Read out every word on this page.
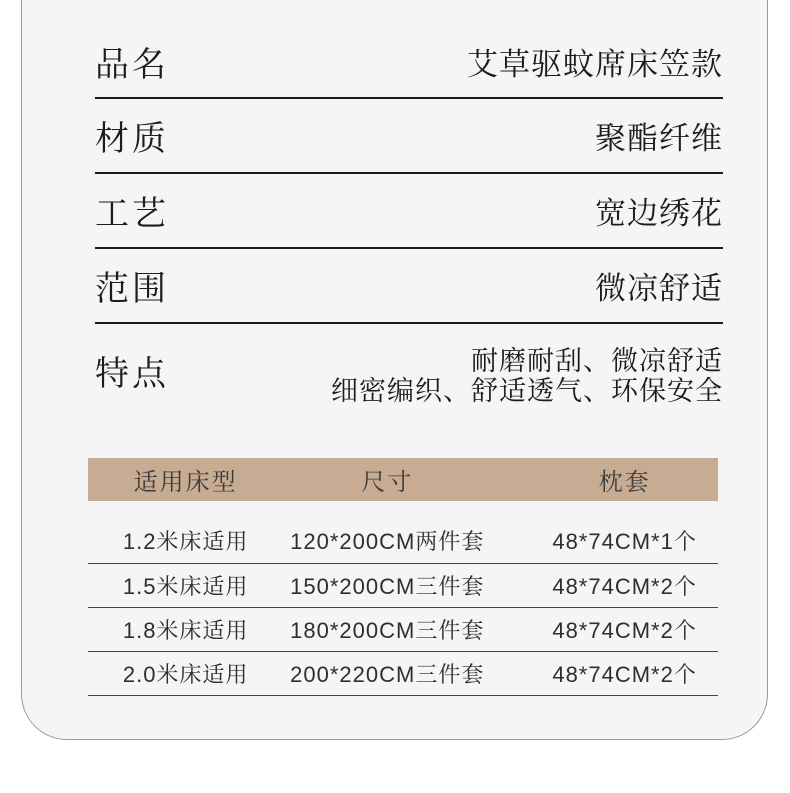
品名	艾草驱蚊席床笠款
材质	聚酯纤维
工艺	宽边绣花
范围	微凉舒适
特点	耐磨耐刮、微凉舒适
细密编织、舒适透气、环保安全
适用床型	尺寸	枕套
1.2米床适用	120*200CM两件套	48*74CM*1个
1.5米床适用	150*200CM三件套	48*74CM*2个
1.8米床适用	180*200CM三件套	48*74CM*2个
2.0米床适用	200*220CM三件套	48*74CM*2个
